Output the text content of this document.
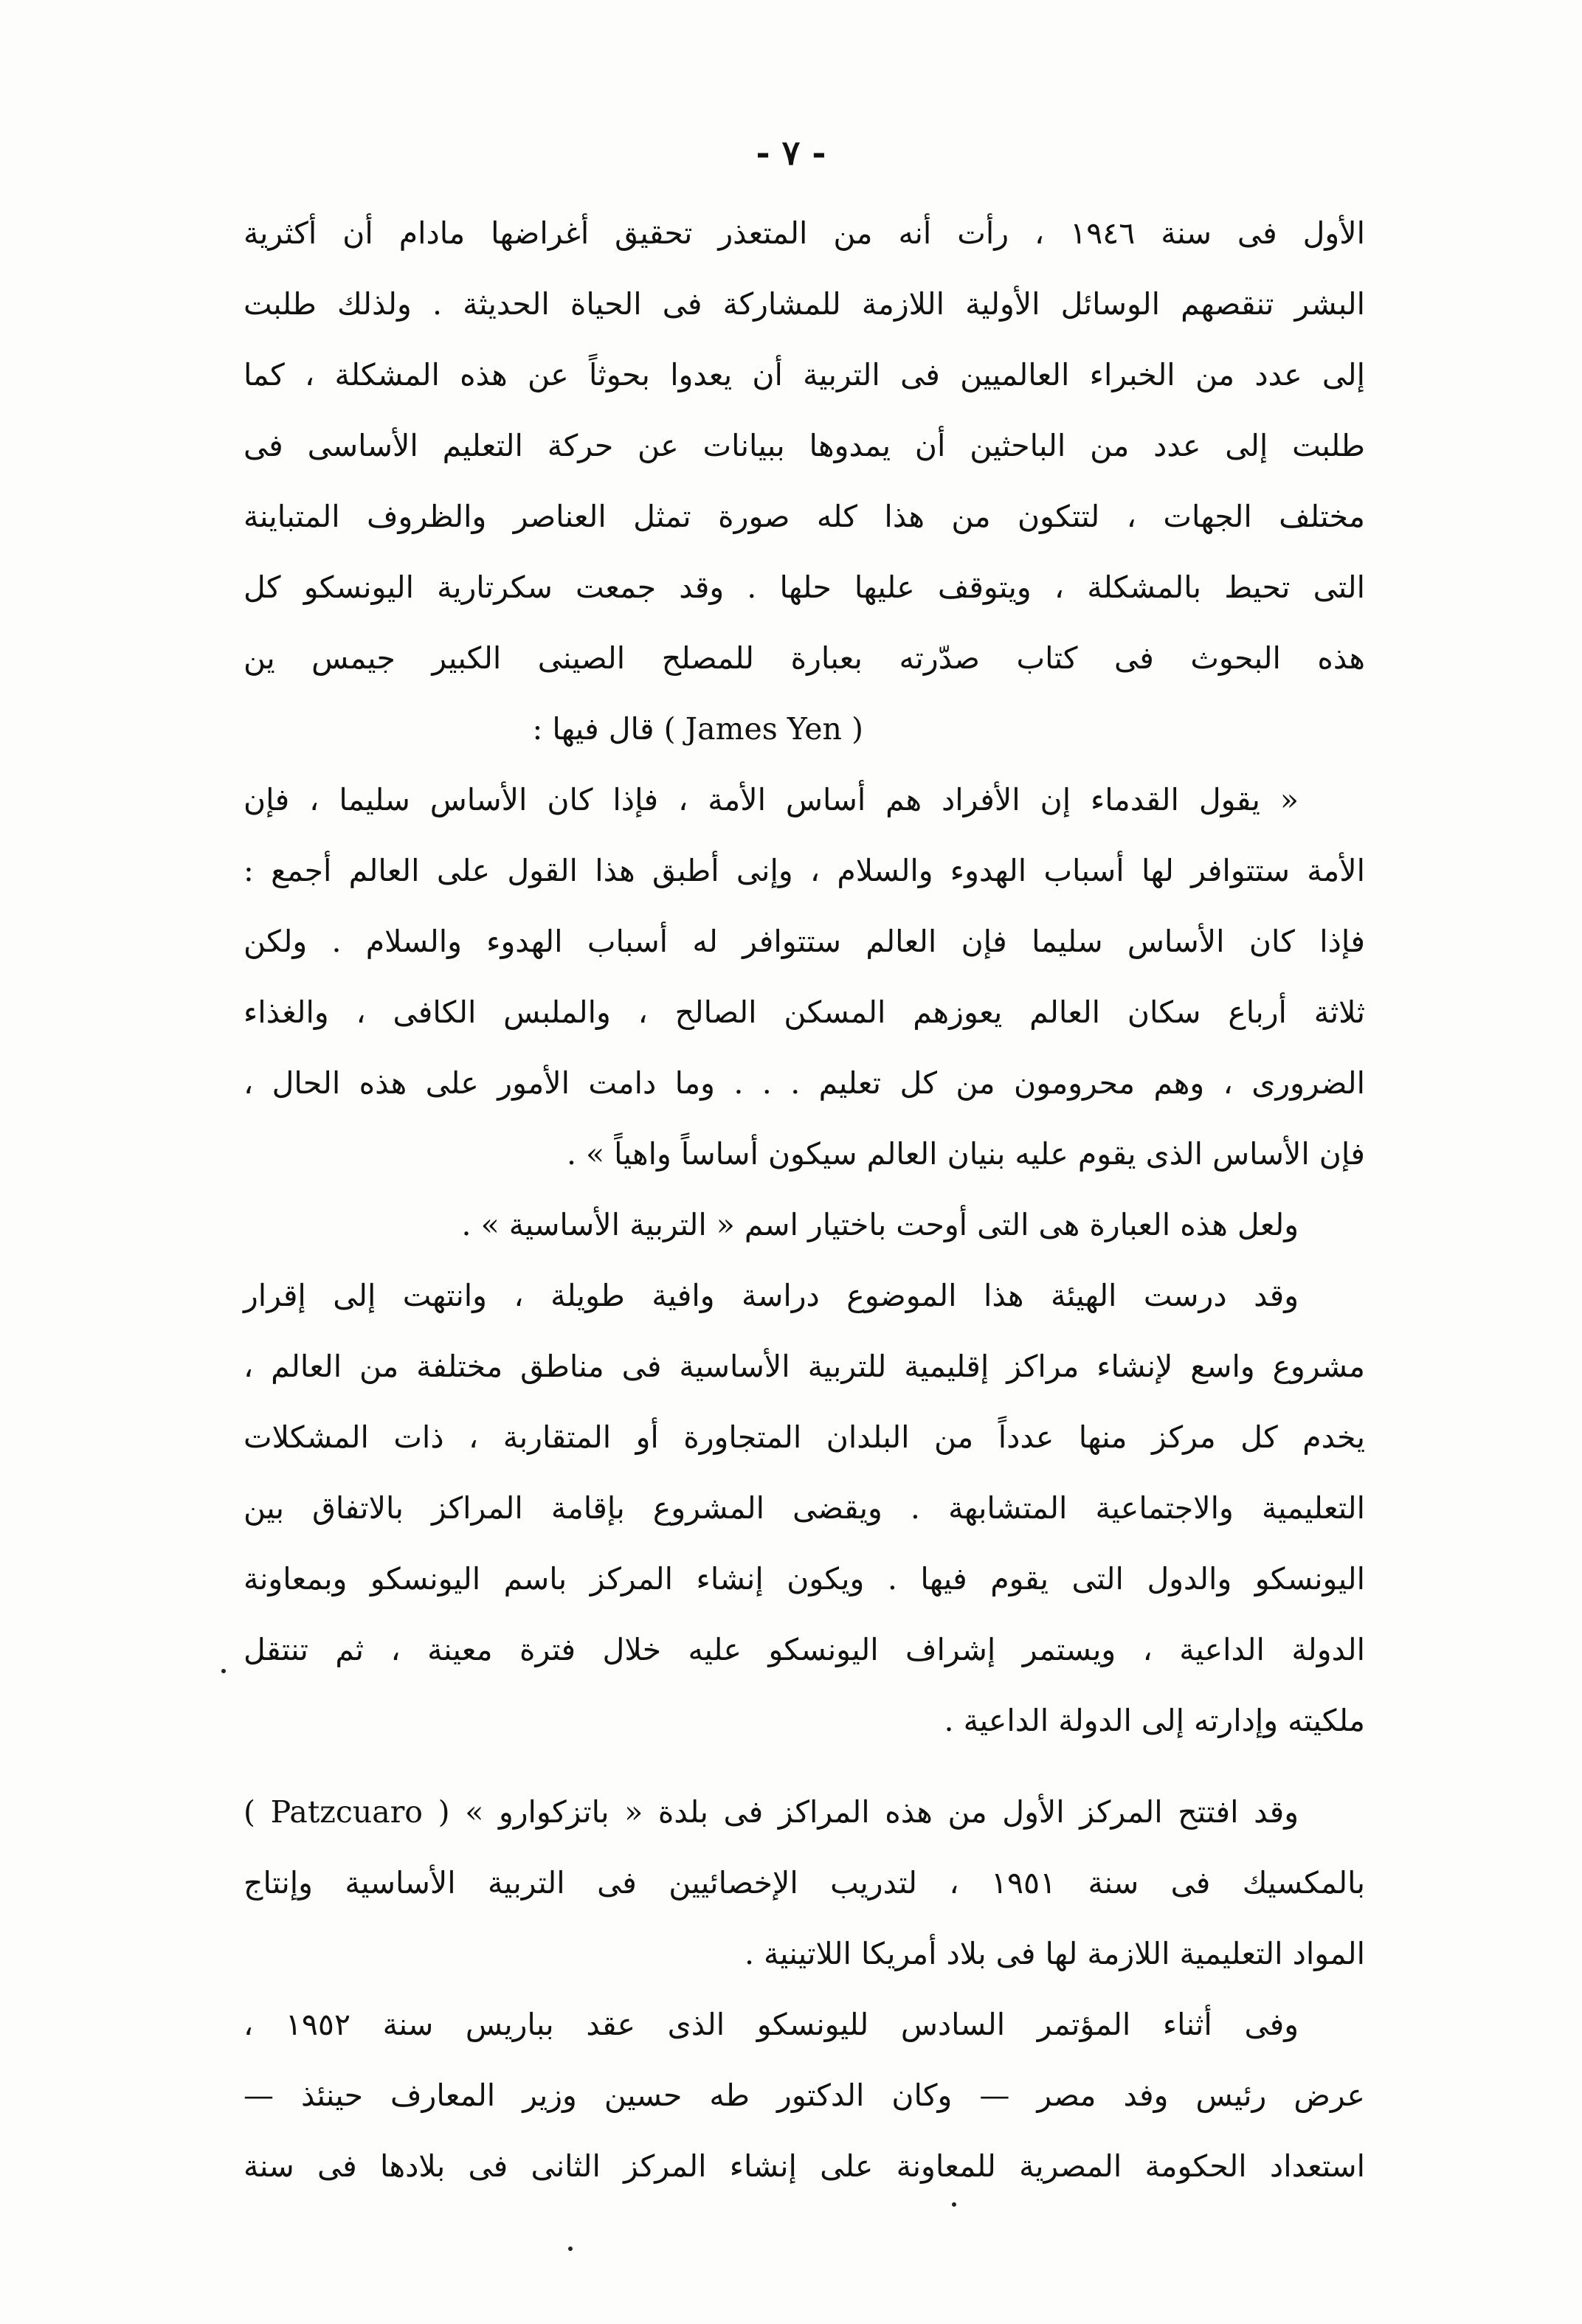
- ٧ -
الأول فى سنة ١٩٤٦ ، رأت أنه من المتعذر تحقيق أغراضها مادام أن أكثرية
البشر تنقصهم الوسائل الأولية اللازمة للمشاركة فى الحياة الحديثة . ولذلك طلبت
إلى عدد من الخبراء العالميين فى التربية أن يعدوا بحوثاً عن هذه المشكلة ، كما
طلبت إلى عدد من الباحثين أن يمدوها ببيانات عن حركة التعليم الأساسى فى
مختلف الجهات ، لتتكون من هذا كله صورة تمثل العناصر والظروف المتباينة
التى تحيط بالمشكلة ، ويتوقف عليها حلها . وقد جمعت سكرتارية اليونسكو كل
هذه البحوث فى كتاب صدّرته بعبارة للمصلح الصينى الكبير جيمس ين
( James Yen ) قال فيها :
« يقول القدماء إن الأفراد هم أساس الأمة ، فإذا كان الأساس سليما ، فإن
الأمة ستتوافر لها أسباب الهدوء والسلام ، وإنى أطبق هذا القول على العالم أجمع :
فإذا كان الأساس سليما فإن العالم ستتوافر له أسباب الهدوء والسلام . ولكن
ثلاثة أرباع سكان العالم يعوزهم المسكن الصالح ، والملبس الكافى ، والغذاء
الضرورى ، وهم محرومون من كل تعليم . . . وما دامت الأمور على هذه الحال ،
فإن الأساس الذى يقوم عليه بنيان العالم سيكون أساساً واهياً » .
ولعل هذه العبارة هى التى أوحت باختيار اسم « التربية الأساسية » .
وقد درست الهيئة هذا الموضوع دراسة وافية طويلة ، وانتهت إلى إقرار
مشروع واسع لإنشاء مراكز إقليمية للتربية الأساسية فى مناطق مختلفة من العالم ،
يخدم كل مركز منها عدداً من البلدان المتجاورة أو المتقاربة ، ذات المشكلات
التعليمية والاجتماعية المتشابهة . ويقضى المشروع بإقامة المراكز بالاتفاق بين
اليونسكو والدول التى يقوم فيها . ويكون إنشاء المركز باسم اليونسكو وبمعاونة
الدولة الداعية ، ويستمر إشراف اليونسكو عليه خلال فترة معينة ، ثم تنتقل
ملكيته وإدارته إلى الدولة الداعية .
وقد افتتح المركز الأول من هذه المراكز فى بلدة « باتزكوارو » ( Patzcuaro )
بالمكسيك فى سنة ١٩٥١ ، لتدريب الإخصائيين فى التربية الأساسية وإنتاج
المواد التعليمية اللازمة لها فى بلاد أمريكا اللاتينية .
وفى أثناء المؤتمر السادس لليونسكو الذى عقد بباريس سنة ١٩٥٢ ،
عرض رئيس وفد مصر — وكان الدكتور طه حسين وزير المعارف حينئذ —
استعداد الحكومة المصرية للمعاونة على إنشاء المركز الثانى فى بلادها فى سنة
